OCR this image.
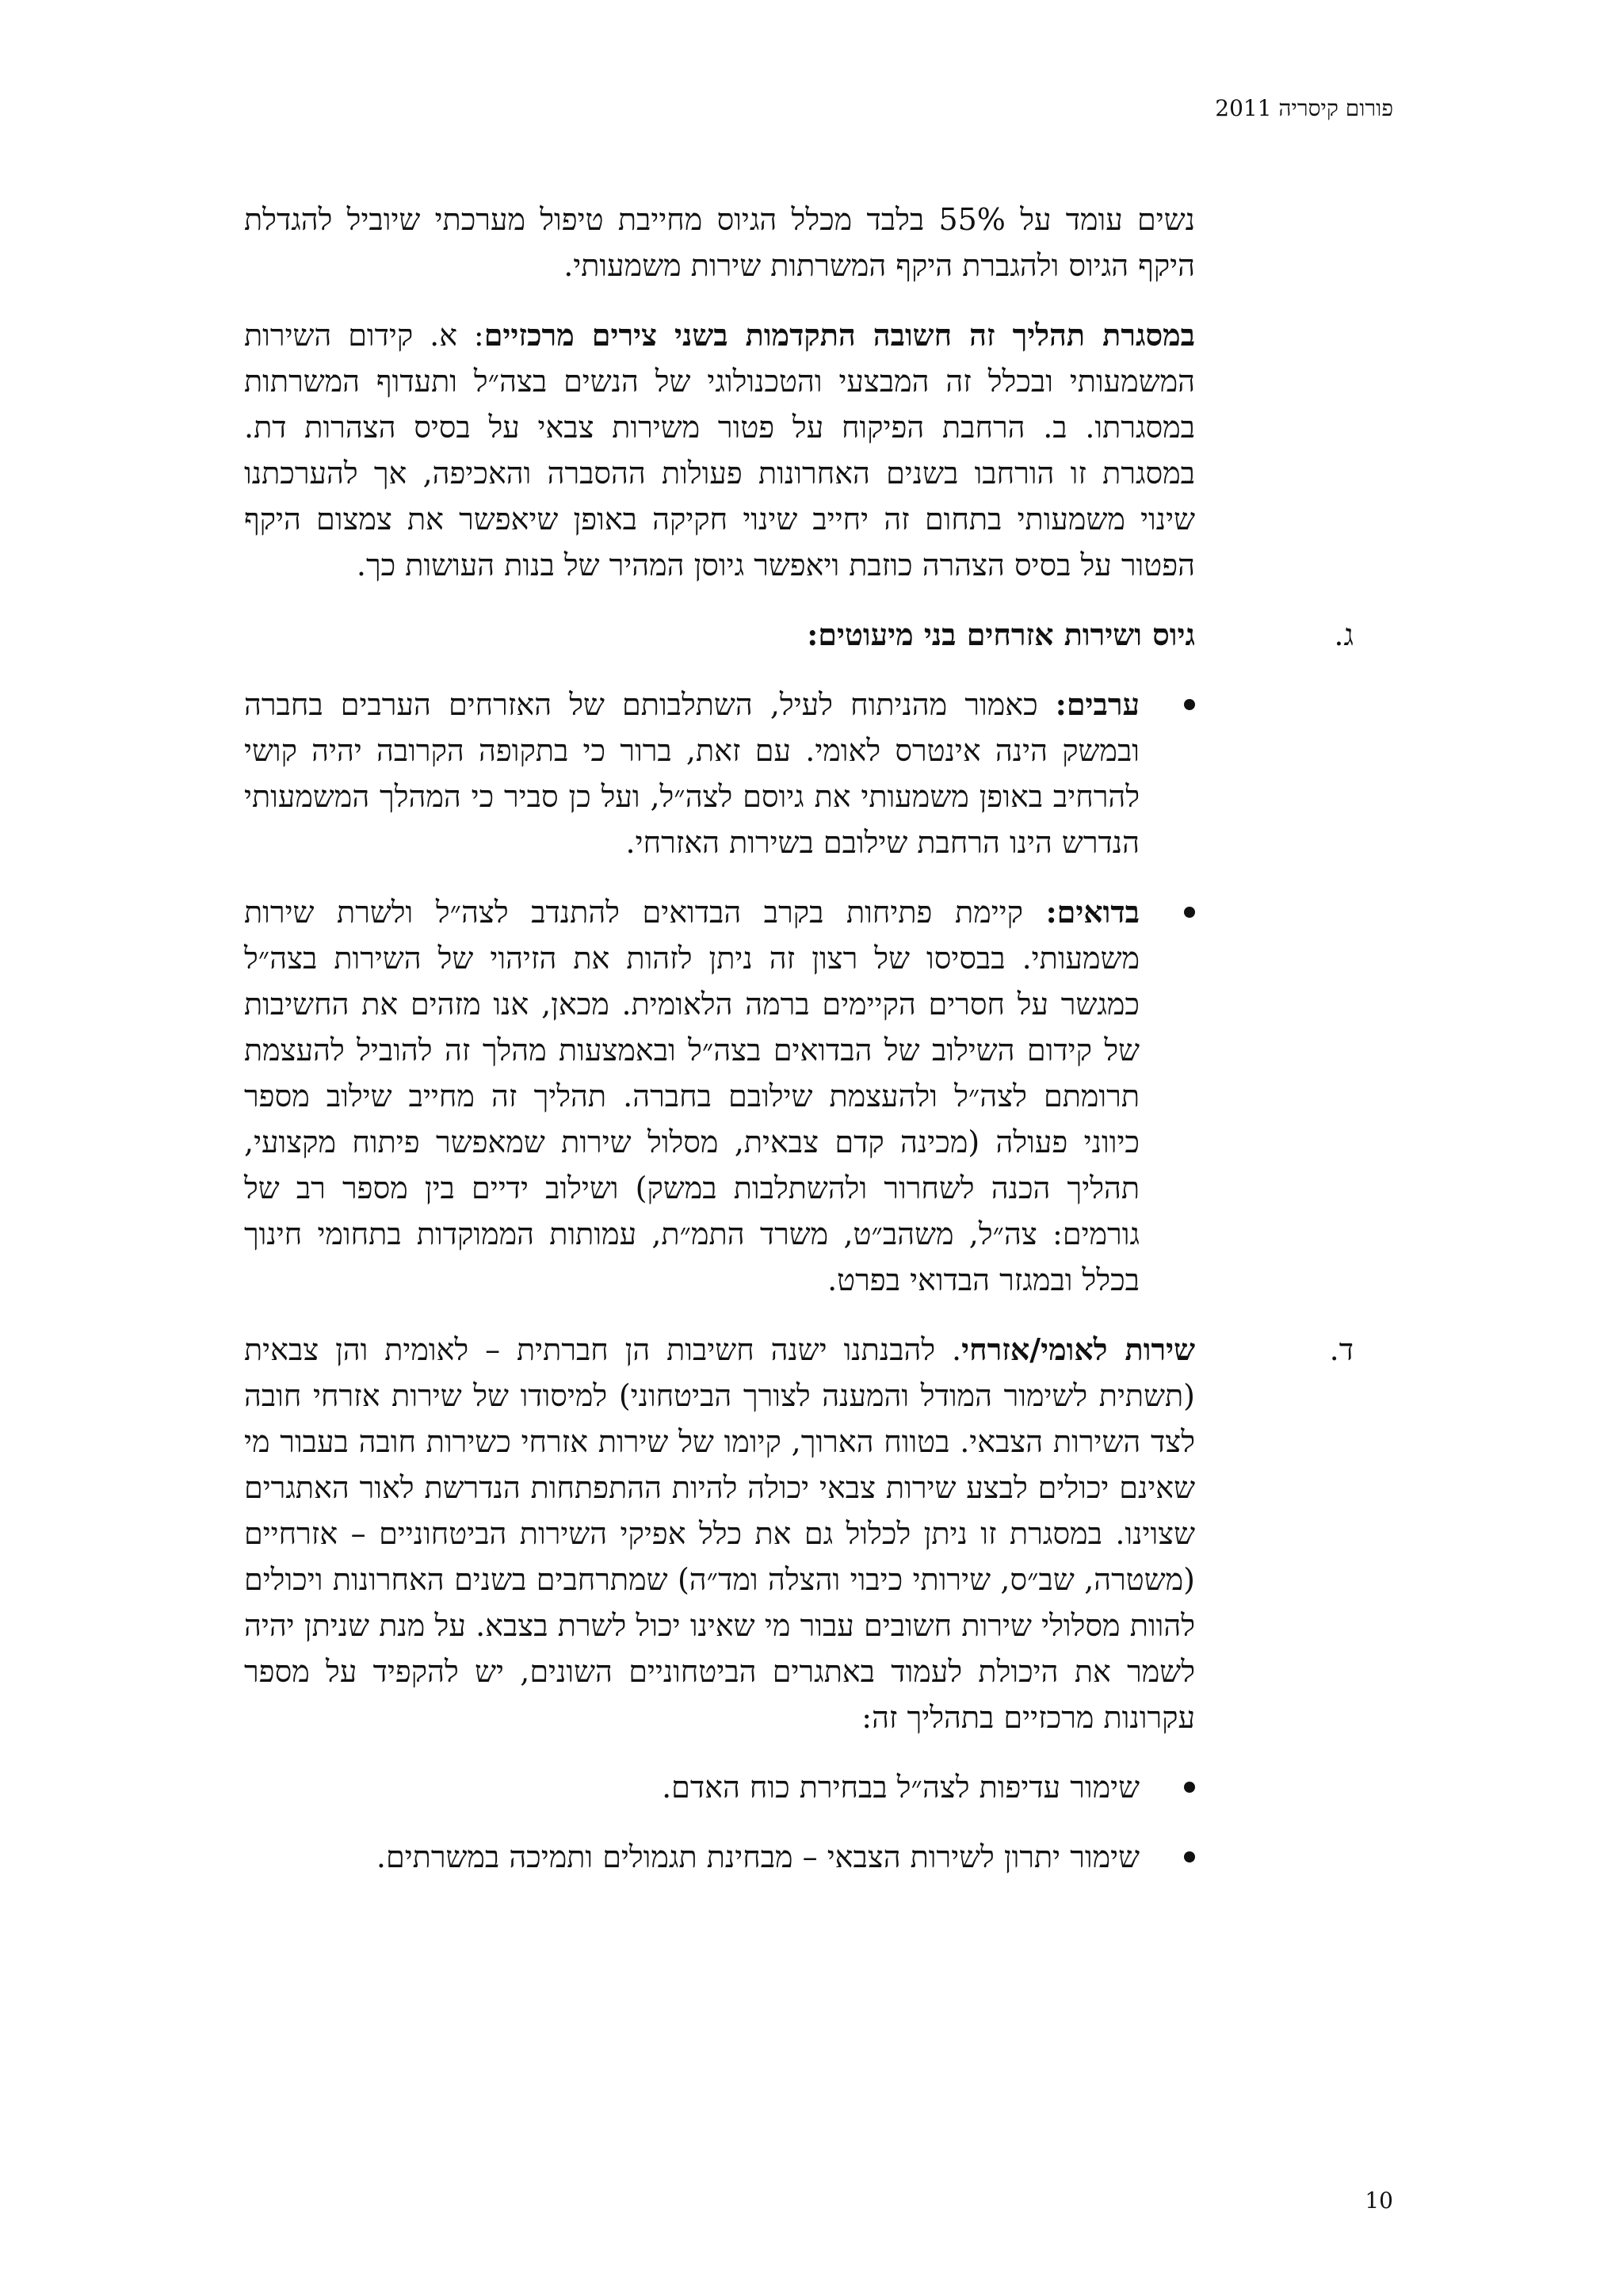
פורום קיסריה 2011

נשים עומד על 55% בלבד מכלל הגיוס מחייבת טיפול מערכתי שיוביל להגדלת היקף הגיוס ולהגברת היקף המשרתות שירות משמעותי.

במסגרת תהליך זה חשובה התקדמות בשני צירים מרכזיים: א. קידום השירות המשמעותי ובכלל זה המבצעי והטכנולוגי של הנשים בצה״ל ותעדוף המשרתות במסגרתו. ב. הרחבת הפיקוח על פטור משירות צבאי על בסיס הצהרות דת. במסגרת זו הורחבו בשנים האחרונות פעולות ההסברה והאכיפה, אך להערכתנו שינוי משמעותי בתחום זה יחייב שינוי חקיקה באופן שיאפשר את צמצום היקף הפטור על בסיס הצהרה כוזבת ויאפשר גיוסן המהיר של בנות העושות כך.

ג.
גיוס ושירות אזרחים בני מיעוטים:
ערבים: כאמור מהניתוח לעיל, השתלבותם של האזרחים הערבים בחברה ובמשק הינה אינטרס לאומי. עם זאת, ברור כי בתקופה הקרובה יהיה קושי להרחיב באופן משמעותי את גיוסם לצה״ל, ועל כן סביר כי המהלך המשמעותי הנדרש הינו הרחבת שילובם בשירות האזרחי.
בדואים: קיימת פתיחות בקרב הבדואים להתנדב לצה״ל ולשרת שירות משמעותי. בבסיסו של רצון זה ניתן לזהות את הזיהוי של השירות בצה״ל כמגשר על חסרים הקיימים ברמה הלאומית. מכאן, אנו מזהים את החשיבות של קידום השילוב של הבדואים בצה״ל ובאמצעות מהלך זה להוביל להעצמת תרומתם לצה״ל ולהעצמת שילובם בחברה. תהליך זה מחייב שילוב מספר כיווני פעולה (מכינה קדם צבאית, מסלול שירות שמאפשר פיתוח מקצועי, תהליך הכנה לשחרור ולהשתלבות במשק) ושילוב ידיים בין מספר רב של גורמים: צה״ל, משהב״ט, משרד התמ״ת, עמותות הממוקדות בתחומי חינוך בכלל ובמגזר הבדואי בפרט.
ד.
שירות לאומי/אזרחי. להבנתנו ישנה חשיבות הן חברתית – לאומית והן צבאית (תשתית לשימור המודל והמענה לצורך הביטחוני) למיסודו של שירות אזרחי חובה לצד השירות הצבאי. בטווח הארוך, קיומו של שירות אזרחי כשירות חובה בעבור מי שאינם יכולים לבצע שירות צבאי יכולה להיות ההתפתחות הנדרשת לאור האתגרים שצוינו. במסגרת זו ניתן לכלול גם את כלל אפיקי השירות הביטחוניים – אזרחיים (משטרה, שב״ס, שירותי כיבוי והצלה ומד״ה) שמתרחבים בשנים האחרונות ויכולים להוות מסלולי שירות חשובים עבור מי שאינו יכול לשרת בצבא. על מנת שניתן יהיה לשמר את היכולת לעמוד באתגרים הביטחוניים השונים, יש להקפיד על מספר עקרונות מרכזיים בתהליך זה:
שימור עדיפות לצה״ל בבחירת כוח האדם.
שימור יתרון לשירות הצבאי – מבחינת תגמולים ותמיכה במשרתים.
10
